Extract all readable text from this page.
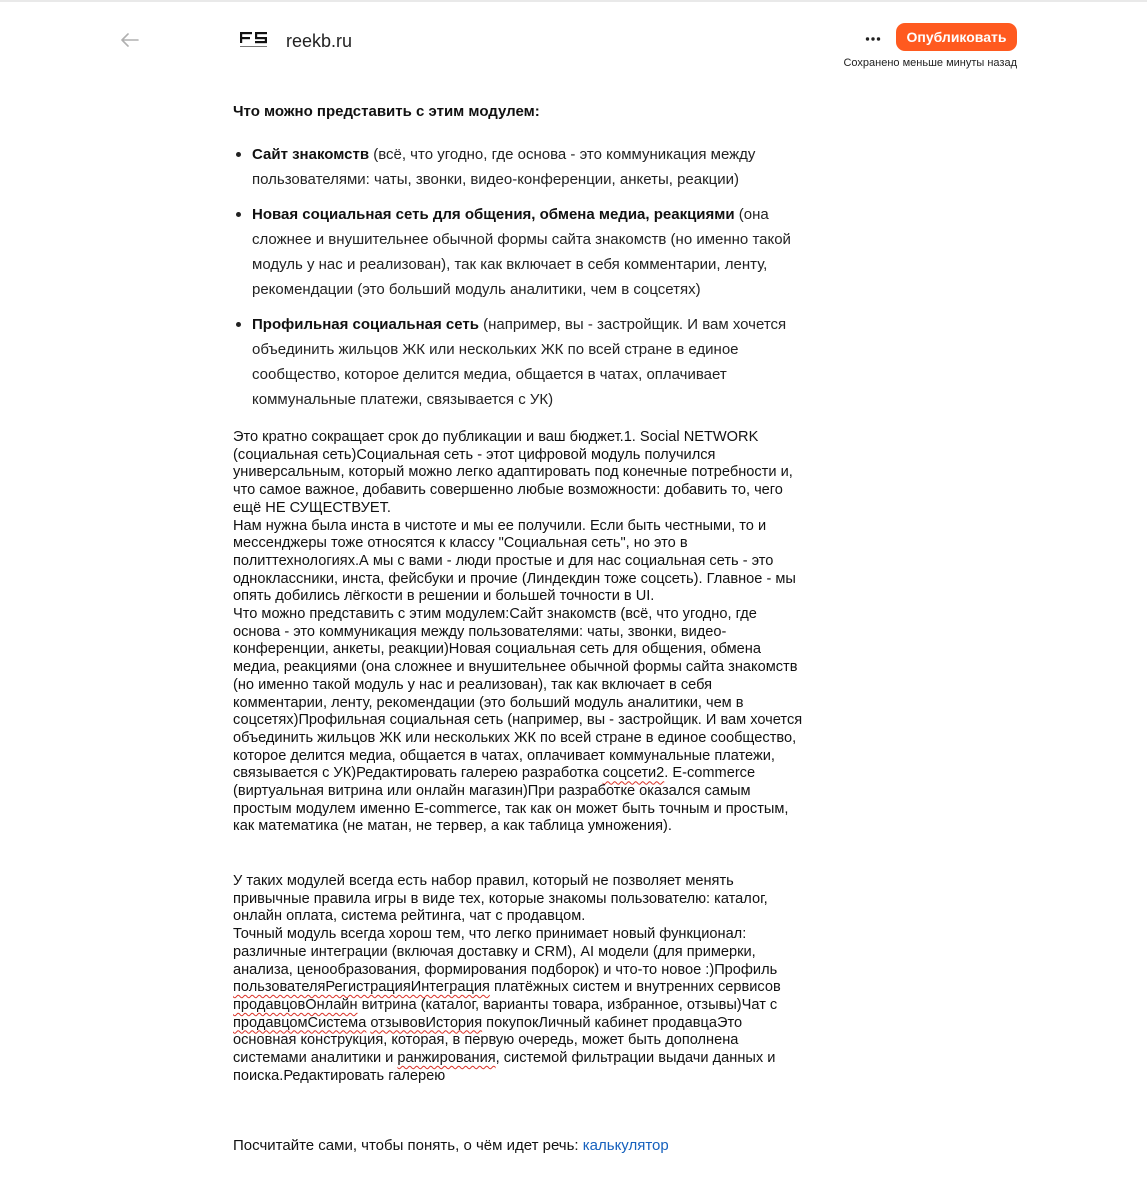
reekb.ru	Опубликовать
Сохранено меньше минуты назад
Что можно представить с этим модулем:
Сайт знакомств (всё, что угодно, где основа - это коммуникация между пользователями: чаты, звонки, видео-конференции, анкеты, реакции)
Новая социальная сеть для общения, обмена медиа, реакциями (она сложнее и внушительнее обычной формы сайта знакомств (но именно такой модуль у нас и реализован), так как включает в себя комментарии, ленту, рекомендации (это больший модуль аналитики, чем в соцсетях)
Профильная социальная сеть (например, вы - застройщик. И вам хочется объединить жильцов ЖК или нескольких ЖК по всей стране в единое сообщество, которое делится медиа, общается в чатах, оплачивает коммунальные платежи, связывается с УК)

Это кратно сокращает срок до публикации и ваш бюджет.1. Social NETWORK (социальная сеть)Социальная сеть - этот цифровой модуль получился универсальным, который можно легко адаптировать под конечные потребности и, что самое важное, добавить совершенно любые возможности: добавить то, чего ещё НЕ СУЩЕСТВУЕТ.

Нам нужна была инста в чистоте и мы ее получили. Если быть честными, то и мессенджеры тоже относятся к классу "Социальная сеть", но это в политтехнологиях.А мы с вами - люди простые и для нас социальная сеть - это одноклассники, инста, фейсбуки и прочие (Линдекдин тоже соцсеть). Главное - мы опять добились лёгкости в решении и большей точности в UI.

Что можно представить с этим модулем:Сайт знакомств (всё, что угодно, где основа - это коммуникация между пользователями: чаты, звонки, видео-конференции, анкеты, реакции)Новая социальная сеть для общения, обмена медиа, реакциями (она сложнее и внушительнее обычной формы сайта знакомств (но именно такой модуль у нас и реализован), так как включает в себя комментарии, ленту, рекомендации (это больший модуль аналитики, чем в соцсетях)Профильная социальная сеть (например, вы - застройщик. И вам хочется объединить жильцов ЖК или нескольких ЖК по всей стране в единое сообщество, которое делится медиа, общается в чатах, оплачивает коммунальные платежи, связывается с УК)Редактировать галерею разработка соцсети2. E-commerce (виртуальная витрина или онлайн магазин)При разработке оказался самым простым модулем именно E-commerce, так как он может быть точным и простым, как математика (не матан, не тервер, а как таблица умножения).

У таких модулей всегда есть набор правил, который не позволяет менять привычные правила игры в виде тех, которые знакомы пользователю: каталог, онлайн оплата, система рейтинга, чат с продавцом.

Точный модуль всегда хорош тем, что легко принимает новый функционал: различные интеграции (включая доставку и CRM), AI модели (для примерки, анализа, ценообразования, формирования подборок) и что-то новое :)Профиль пользователяРегистрацияИнтеграция платёжных систем и внутренних сервисов продавцовОнлайн витрина (каталог, варианты товара, избранное, отзывы)Чат с продавцомСистема отзывовИстория покупокЛичный кабинет продавцаЭто основная конструкция, которая, в первую очередь, может быть дополнена системами аналитики и ранжирования, системой фильтрации выдачи данных и поиска.Редактировать галерею

Посчитайте сами, чтобы понять, о чём идет речь: калькулятор
